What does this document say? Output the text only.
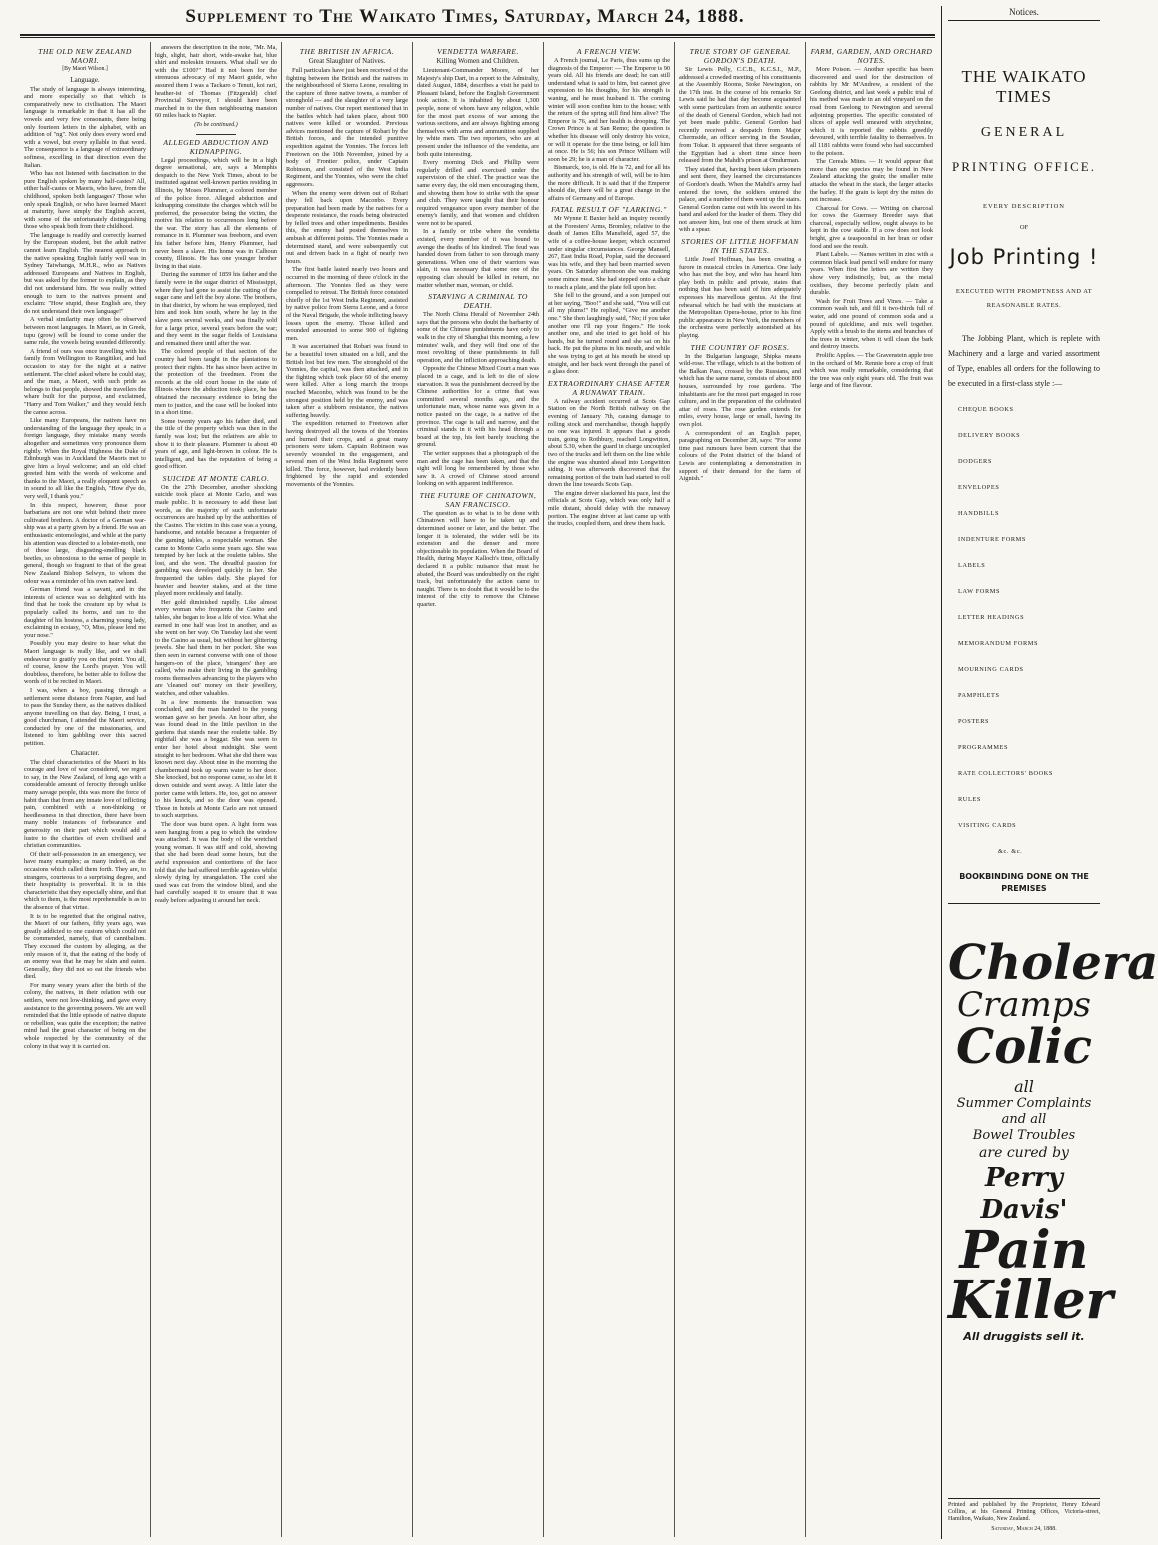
Supplement to The Waikato Times, Saturday, March 24, 1888.
THE OLD NEW ZEALAND MAORI.
[By Maori Wilson.]
Language.

The study of language is always interesting, and more especially so that which is comparatively new to civilisation. The Maori language is remarkable in that it has all the vowels and very few consonants, there being only fourteen letters in the alphabet, with an addition of "ng". Not only does every word end with a vowel, but every syllable in that word. The consequence is a language of extraordinary softness, excelling in that direction even the Italian.

Who has not listened with fascination to the pure English spoken by many half-castes? All, either half-castes or Maoris, who have, from the childhood, spoken both languages? Those who only speak English, or who have learned Maori at maturity, have simply the English accent, with some of the unfortunately distinguishing those who speak both from their childhood.

The language is readily and correctly learned by the European student, but the adult native cannot learn English. The nearest approach to the native speaking English fairly well was in Sydney Taiwhanga, M.H.R., who as Natives addressed Europeans and Natives in English, but was asked by the former to explain, as they did not understand him. He was really witted enough to turn to the natives present and exclaim: "How stupid, these English are, they do not understand their own language!"

A verbal similarity may often be observed between most languages. In Maori, as in Greek, tupu (grow) will be found to come under the same rule, the vowels being sounded differently.

A friend of ours was once travelling with his family from Wellington to Rangitikei, and had occasion to stay for the night at a native settlement. The chief asked where he could stay, and the man, a Maori, with such pride as belongs to that people, showed the travellers the whare built for the purpose, and exclaimed, "Harry and Tom Walker," and they would fetch the canoe across.

Like many Europeans, the natives have no understanding of the language they speak; in a foreign language, they mistake many words altogether and sometimes very pronounce them rightly. When the Royal Highness the Duke of Edinburgh was in Auckland the Maoris met to give him a loyal welcome; and an old chief greeted him with the words of welcome and thanks to the Maori, a really eloquent speech as in sound to all like the English, "How d'ye do, very well, I thank you."

In this respect, however, these poor barbarians are not one whit behind their more cultivated brethren. A doctor of a German war-ship was at a party given by a friend. He was an enthusiastic entomologist, and while at the party his attention was directed to a lobster-moth, one of those large, disgusting-smelling black beetles, so obnoxious to the sense of people in general, though so fragrant to that of the great New Zealand Bishop Selwyn, to whom the odour was a reminder of his own native land.

German friend was a savant, and in the interests of science was so delighted with his find that he took the creature up by what is popularly called its horns, and ran to the daughter of his hostess, a charming young lady, exclaiming in ecstasy, "O, Miss, please lend me your nose."

Possibly you may desire to hear what the Maori language is really like, and we shall endeavour to gratify you on that point. You all, of course, know the Lord's prayer. You will doubtless, therefore, be better able to follow the words of it be recited in Maori.

I was, when a boy, passing through a settlement some distance from Napier, and had to pass the Sunday there, as the natives disliked anyone travelling on that day. Being, I trust, a good churchman, I attended the Maori service, conducted by one of the missionaries, and listened to him gabbling over this sacred petition.

Character.

The chief characteristics of the Maori in his courage and love of war considered, we regret to say, in the New Zealand, of long ago with a considerable amount of ferocity through unlike many savage people, this was more the force of habit than that from any innate love of inflicting pain, combined with a non-thinking or heedlessness in that direction, there have been many noble instances of forbearance and generosity on their part which would add a lustre to the charities of even civilised and christian communities.

Of their self-possession in an emergency, we have many examples; as many indeed, as the occasions which called them forth. They are, to strangers, courteous to a surprising degree, and their hospitality is proverbial. It is in this characteristic that they especially shine, and that which to them, is the most reprehensible is as to the absence of that virtue.

It is to be regretted that the original native, the Maori of our fathers, fifty years ago, was greatly addicted to one custom which could not be commended, namely, that of cannibalism. They excused the custom by alleging, as the only reason of it, that the eating of the body of an enemy was that he may be slain and eaten. Generally, they did not so eat the friends who died.

For many weary years after the birth of the colony, the natives, in their relation with our settlers, were not low-thinking, and gave every assistance to the governing powers. We are well reminded that the little episode of native dispute or rebellion, was quite the exception; the native mind had the great character of being on the whole respected by the community of the colony in that way it is carried on.

answers the description in the note, "Mr. Ma, high, slight, hair short, wide-awake hat, blue shirt and moleskin trousers. What shall we do with the £100?" Had it not been for the strenuous advocacy of my Maori guide, who assured them I was a Tackaro o Tenuti, koi rari, heather-ist of Thomas (Fitzgerald) chief Provincial Surveyor, I should have been marched in to the then neighbouring mansion 60 miles back to Napier.

(To be continued.)
ALLEGED ABDUCTION AND KIDNAPPING.

Legal proceedings, which will be in a high degree sensational, are, says a Memphis despatch to the New York Times, about to be instituted against well-known parties residing in Illinois, by Moses Plummer, a colored member of the police force. Alleged abduction and kidnapping constitute the charges which will be preferred, the prosecutor being the victim, the motive his relation to occurrences long before the war. The story has all the elements of romance in it. Plummer was freeborn, and even his father before him, Henry Plummer, had never been a slave. His home was in Calhoun county, Illinois. He has one younger brother living in that state.

During the summer of 1859 his father and the family were in the sugar district of Mississippi, where they had gone to assist the cutting of the sugar cane and left the boy alone. The brothers, in that district, by whom he was employed, tied him and took him south, where he lay in the slave pens several weeks, and was finally sold for a large price, several years before the war; and they went in the sugar fields of Louisiana and remained there until after the war.

The colored people of that section of the country had been taught in the plantations to protect their rights. He has since been active in the protection of the freedmen. From the records at the old court house in the state of Illinois where the abduction took place, he has obtained the necessary evidence to bring the men to justice, and the case will be looked into in a short time.

Some twenty years ago his father died, and the title of the property which was then in the family was lost; but the relatives are able to show it to their pleasure. Plummer is about 40 years of age, and light-brown in colour. He is intelligent, and has the reputation of being a good officer.

SUICIDE AT MONTE CARLO.

On the 27th December, another shocking suicide took place at Monte Carlo, and was made public. It is necessary to add these last words, as the majority of such unfortunate occurrences are hushed up by the authorities of the Casino. The victim in this case was a young, handsome, and notable because a frequenter of the gaming tables, a respectable woman. She came to Monte Carlo some years ago. She was tempted by her luck at the roulette tables. She lost, and she won. The dreadful passion for gambling was developed quickly in her. She frequented the tables daily. She played for heavier and heavier stakes, and at the time played more recklessly and fatally.

Her gold diminished rapidly. Like almost every woman who frequents the Casino and tables, she began to lose a life of vice. What she earned in one half was lost in another, and as she went on her way. On Tuesday last she went to the Casino as usual, but without her glittering jewels. She had them in her pocket. She was then seen in earnest converse with one of those hangers-on of the place, 'strangers' they are called, who make their living in the gambling rooms themselves advancing to the players who are 'cleaned out' money on their jewellery, watches, and other valuables.

In a few moments the transaction was concluded, and the man handed to the young woman gave so her jewels. An hour after, she was found dead in the little pavilion in the gardens that stands near the roulette table. By nightfall she was a beggar. She was seen to enter her hotel about midnight. She went straight to her bedroom. What she did there was known next day. About nine in the morning the chambermaid took up warm water to her door. She knocked, but no response came, so she let it down outside and went away. A little later the porter came with letters. He, too, got no answer to his knock, and so the door was opened. Those in hotels at Monte Carlo are not unused to such surprises.

The door was burst open. A light form was seen hanging from a peg to which the window was attached. It was the body of the wretched young woman. It was stiff and cold, showing that she had been dead some hours, but the awful expression and contortions of the face told that she had suffered terrible agonies whilst slowly dying by strangulation. The cord she used was cut from the window blind, and she had carefully soaped it to ensure that it was ready before adjusting it around her neck.

THE BRITISH IN AFRICA.
Great Slaughter of Natives.

Full particulars have just been received of the fighting between the British and the natives in the neighbourhood of Sierra Leone, resulting in the capture of three native towns, a number of stronghold — and the slaughter of a very large number of natives. Our report mentioned that in the battles which had taken place, about 900 natives were killed or wounded. Previous advices mentioned the capture of Robari by the British forces, and the intended punitive expedition against the Yonnies. The forces left Freetown on the 10th November, joined by a body of Frontier police, under Captain Robinson, and consisted of the West India Regiment, and the Yonnies, who were the chief aggressors.

When the enemy were driven out of Robari they fell back upon Maconbo. Every preparation had been made by the natives for a desperate resistance, the roads being obstructed by felled trees and other impediments. Besides this, the enemy had posted themselves in ambush at different points. The Yonnies made a determined stand, and were subsequently cut out and driven back in a fight of nearly two hours.

The first battle lasted nearly two hours and occurred in the morning of three o'clock in the afternoon. The Yonnies fled as they were compelled to retreat. The British force consisted chiefly of the 1st West India Regiment, assisted by native police from Sierra Leone, and a force of the Naval Brigade, the whole inflicting heavy losses upon the enemy. Those killed and wounded amounted to some 900 of fighting men.

It was ascertained that Robari was found to be a beautiful town situated on a hill, and the British lost but few men. The stronghold of the Yonnies, the capital, was then attacked, and in the fighting which took place 60 of the enemy were killed. After a long march the troops reached Maconbo, which was found to be the strongest position held by the enemy, and was taken after a stubborn resistance, the natives suffering heavily.

The expedition returned to Freetown after having destroyed all the towns of the Yonnies and burned their crops, and a great many prisoners were taken. Captain Robinson was severely wounded in the engagement, and several men of the West India Regiment were killed. The force, however, had evidently been frightened by the rapid and extended movements of the Yonnies.

VENDETTA WARFARE.
Killing Women and Children.

Lieutenant-Commander Moore, of her Majesty's ship Dart, in a report to the Admiralty, dated August, 1884, describes a visit he paid to Pleasant Island, before the English Government took action. It is inhabited by about 1,300 people, none of whom have any religion, while for the most part excess of war among the various sections, and are always fighting among themselves with arms and ammunition supplied by white men. The two reporters, who are at present under the influence of the vendetta, are both quite interesting.

Every morning Dick and Phillip were regularly drilled and exercised under the supervision of the chief. The practice was the same every day, the old men encouraging them, and showing them how to strike with the spear and club. They were taught that their honour required vengeance upon every member of the enemy's family, and that women and children were not to be spared.

In a family or tribe where the vendetta existed, every member of it was bound to avenge the deaths of his kindred. The feud was handed down from father to son through many generations. When one of their warriors was slain, it was necessary that some one of the opposing clan should be killed in return, no matter whether man, woman, or child.

STARVING A CRIMINAL TO DEATH.

The North China Herald of November 24th says that the persons who doubt the barbarity of some of the Chinese punishments have only to walk in the city of Shanghai this morning, a few minutes' walk, and they will find one of the most revolting of these punishments in full operation, and the infliction approaching death.

Opposite the Chinese Mixed Court a man was placed in a cage, and is left to die of slow starvation. It was the punishment decreed by the Chinese authorities for a crime that was committed several months ago, and the unfortunate man, whose name was given in a notice pasted on the cage, is a native of the province. The cage is tall and narrow, and the criminal stands in it with his head through a board at the top, his feet barely touching the ground.

The writer supposes that a photograph of the man and the cage has been taken, and that the sight will long be remembered by those who saw it. A crowd of Chinese stood around looking on with apparent indifference.

THE FUTURE OF CHINATOWN, SAN FRANCISCO.

The question as to what is to be done with Chinatown will have to be taken up and determined sooner or later, and the better. The longer it is tolerated, the wider will be its extension and the denser and more objectionable its population. When the Board of Health, during Mayor Kalloch's time, officially declared it a public nuisance that must be abated, the Board was undoubtedly on the right track, but unfortunately the action came to naught. There is no doubt that it would be to the interest of the city to remove the Chinese quarter.

A FRENCH VIEW.

A French journal, Le Paris, thus sums up the diagnosis of the Emperor: — The Emperor is 90 years old. All his friends are dead; he can still understand what is said to him, but cannot give expression to his thoughts, for his strength is waning, and he must husband it. The coming winter will soon confine him to the house; with the return of the spring still find him alive? The Emperor is 76, and her health is drooping. The Crown Prince is at San Remo; the question is whether his disease will only destroy his voice, or will it operate for the time being, or kill him at once. He is 56; his son Prince William will soon be 29; he is a man of character.

Bismarck, too, is old. He is 72, and for all his authority and his strength of will, will be to him the more difficult. It is said that if the Emperor should die, there will be a great change in the affairs of Germany and of Europe.

FATAL RESULT OF "LARKING."

Mr Wynne E Baxter held an inquiry recently at the Foresters' Arms, Bromley, relative to the death of James Ellis Mansfield, aged 57, the wife of a coffee-house keeper, which occurred under singular circumstances. George Mansell, 267, East India Road, Poplar, said the deceased was his wife, and they had been married seven years. On Saturday afternoon she was making some mince meat. She had stepped onto a chair to reach a plate, and the plate fell upon her.

She fell to the ground, and a son jumped out at her saying, "Boo!" and she said, "You will cut all my plums!" He replied, "Give me another one." She then laughingly said, "No; if you take another one I'll rap your fingers." He took another one, and she tried to get hold of his hands, but he turned round and she sat on his back. He put the plums in his mouth, and while she was trying to get at his mouth he stood up straight, and her back went through the panel of a glass door.

EXTRAORDINARY CHASE AFTER A RUNAWAY TRAIN.

A railway accident occurred at Scots Gap Station on the North British railway on the evening of January 7th, causing damage to rolling stock and merchandise, though happily no one was injured. It appears that a goods train, going to Rothbury, reached Longwitton, about 5.30, when the guard in charge uncoupled two of the trucks and left them on the line while the engine was shunted ahead into Longwitton siding. It was afterwards discovered that the remaining portion of the train had started to roll down the line towards Scots Gap.

The engine driver slackened his pace, lest the officials at Scots Gap, which was only half a mile distant, should delay with the runaway portion. The engine driver at last came up with the trucks, coupled them, and drew them back.

TRUE STORY OF GENERAL GORDON'S DEATH.

Sir Lewis Pelly, C.C.B., K.C.S.I., M.P., addressed a crowded meeting of his constituents at the Assembly Rooms, Stoke Newington, on the 17th inst. In the course of his remarks Sir Lewis said he had that day become acquainted with some particulars from an authentic source of the death of General Gordon, which had not yet been made public. General Gordon had recently received a despatch from Major Chermside, an officer serving in the Soudan, from Tokar. It appeared that three sergeants of the Egyptian had a short time since been released from the Mahdi's prison at Omdurman.

They stated that, having been taken prisoners and sent there, they learned the circumstances of Gordon's death. When the Mahdi's army had entered the town, the soldiers entered the palace, and a number of them went up the stairs. General Gordon came out with his sword in his hand and asked for the leader of them. They did not answer him, but one of them struck at him with a spear.

STORIES OF LITTLE HOFFMAN IN THE STATES.

Little Josef Hoffman, has been creating a furore in musical circles in America. One lady who has met the boy, and who has heard him play both in public and private, states that nothing that has been said of him adequately expresses his marvellous genius. At the first rehearsal which he had with the musicians at the Metropolitan Opera-house, prior to his first public appearance in New York, the members of the orchestra were perfectly astonished at his playing.

THE COUNTRY OF ROSES.

In the Bulgarian language, Shipka means wild-rose. The village, which is at the bottom of the Balkan Pass, crossed by the Russians, and which has the same name, consists of about 800 houses, surrounded by rose gardens. The inhabitants are for the most part engaged in rose culture, and in the preparation of the celebrated attar of roses. The rose garden extends for miles, every house, large or small, having its own plot.

A correspondent of an English paper, paragraphing on December 28, says: "For some time past rumours have been current that the colours of the Point district of the Island of Lewis are contemplating a demonstration in support of their demand for the farm of Aignish."

FARM, GARDEN, AND ORCHARD NOTES.

More Poison. — Another specific has been discovered and used for the destruction of rabbits by Mr M'Andrew, a resident of the Geelong district, and last week a public trial of his method was made in an old vineyard on the road from Geelong to Newington and several adjoining properties. The specific consisted of slices of apple well smeared with strychnine, which it is reported the rabbits greedily devoured, with terrible fatality to themselves. In all 1181 rabbits were found who had succumbed to the poison.

The Cereals Mites. — It would appear that more than one species may be found in New Zealand attacking the grain; the smaller mite attacks the wheat in the stack, the larger attacks the barley. If the grain is kept dry the mites do not increase.

Charcoal for Cows. — Writing on charcoal for cows the Guernsey Breeder says that charcoal, especially willow, ought always to be kept in the cow stable. If a cow does not look bright, give a teaspoonful in her bran or other food and see the result.

Plant Labels. — Names written in zinc with a common black lead pencil will endure for many years. When first the letters are written they show very indistinctly, but, as the metal oxidises, they become perfectly plain and durable.

Wash for Fruit Trees and Vines. — Take a common wash tub, and fill it two-thirds full of water, add one pound of common soda and a pound of quicklime, and mix well together. Apply with a brush to the stems and branches of the trees in winter, when it will clean the bark and destroy insects.

Prolific Apples. — The Gravenstein apple tree in the orchard of Mr. Rennie bore a crop of fruit which was really remarkable, considering that the tree was only eight years old. The fruit was large and of fine flavour.

Notices.
THE WAIKATO TIMES
GENERAL
PRINTING OFFICE.
EVERY DESCRIPTION
OF
Job Printing !
EXECUTED WITH PROMPTNESS AND AT REASONABLE RATES.
The Jobbing Plant, which is replete with Machinery and a large and varied assortment of Type, enables all orders for the following to be executed in a first-class style :—
CHEQUE BOOKS
DELIVERY BOOKS
DODGERS
ENVELOPES
HANDBILLS
INDENTURE FORMS
LABELS
LAW FORMS
LETTER HEADINGS
MEMORANDUM FORMS
MOURNING CARDS
PAMPHLETS
POSTERS
PROGRAMMES
RATE COLLECTORS' BOOKS
RULES
VISITING CARDS
&c. &c.
BOOKBINDING DONE ON THE PREMISES
Cholera
Cramps
Colic
all
Summer Complaints
and all
Bowel Troubles
are cured by
Perry Davis'
Pain
Killer
All druggists sell it.
Printed and published by the Proprietor, Henry Edward Collins, at his General Printing Offices, Victoria-street, Hamilton, Waikato, New Zealand.
Saturday, March 24, 1888.
